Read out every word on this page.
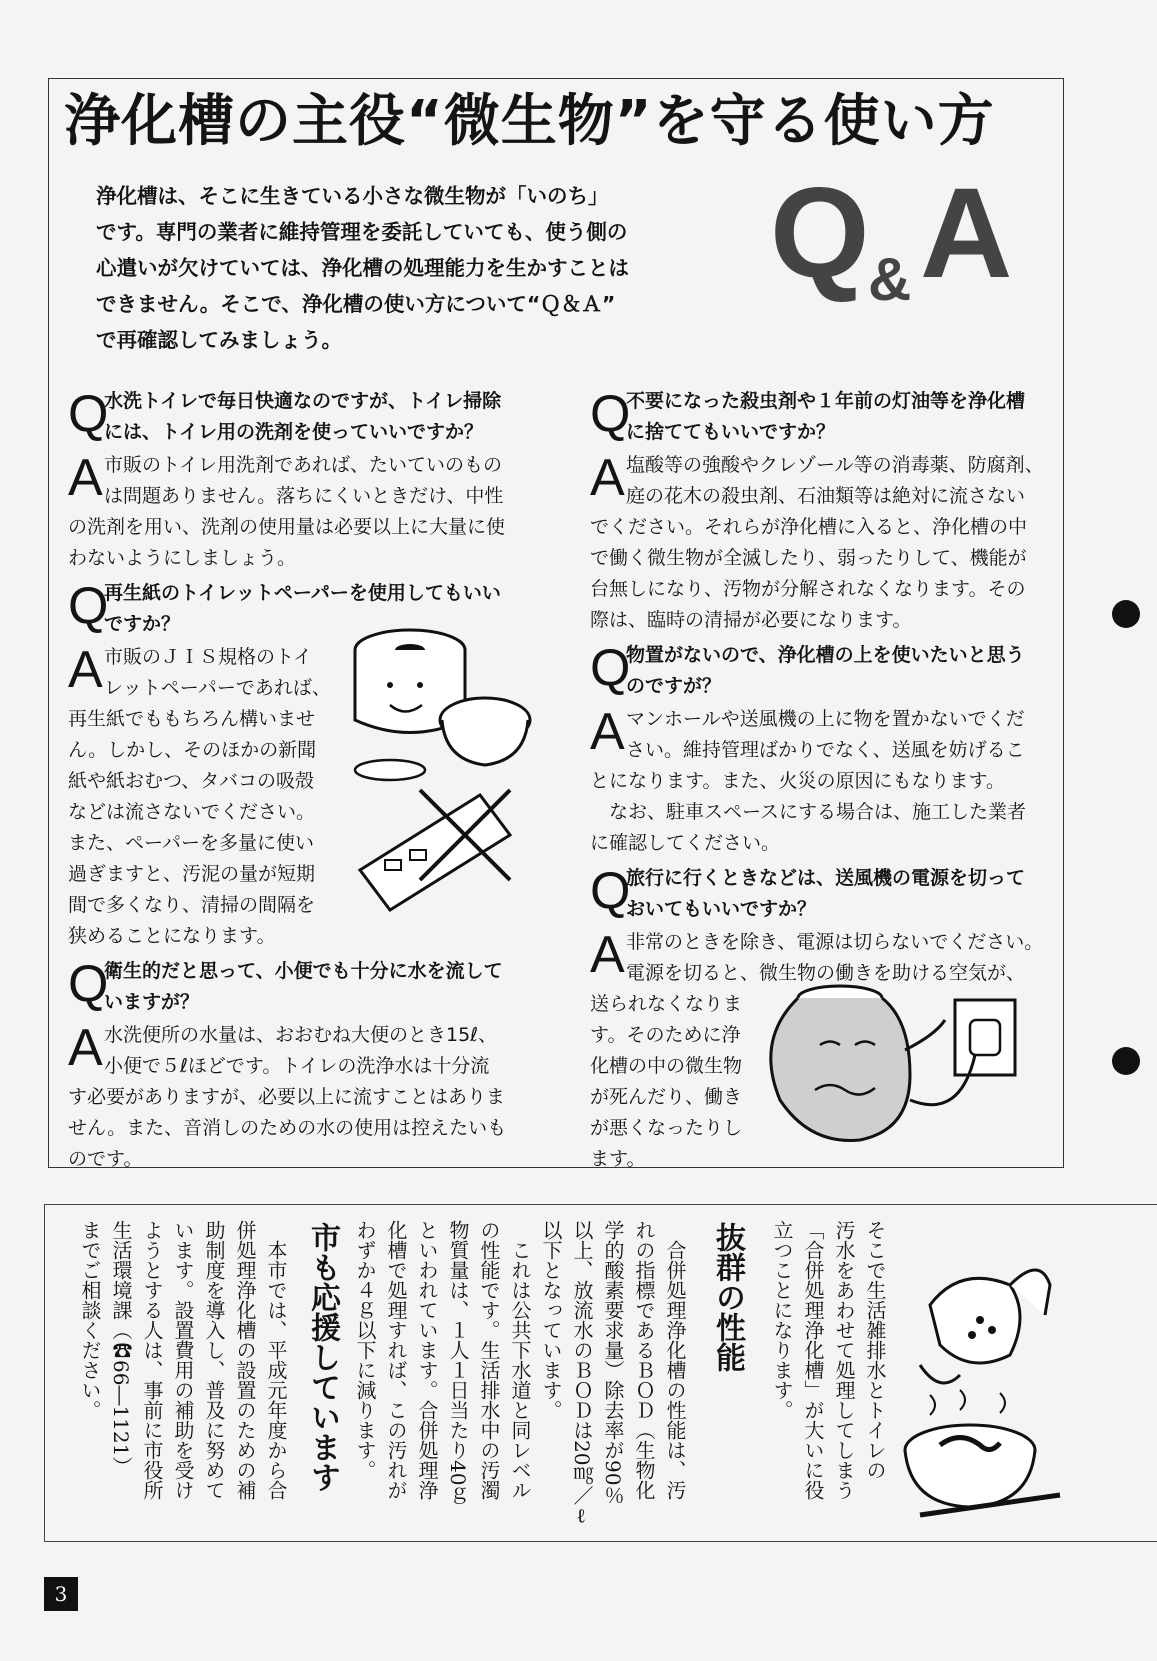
浄化槽の主役“微生物”を守る使い方

浄化槽は、そこに生きている小さな微生物が「いのち」

です。専門の業者に維持管理を委託していても、使う側の

心遣いが欠けていては、浄化槽の処理能力を生かすことは

できません。そこで、浄化槽の使い方について“Ｑ＆Ａ”

で再確認してみましょう。

Q
& A
Q
水洗トイレで毎日快適なのですが、トイレ掃除
には、トイレ用の洗剤を使っていいですか？
A 市販のトイレ用洗剤であれば、たいていのもの
は問題ありません。落ちにくいときだけ、中性
の洗剤を用い、洗剤の使用量は必要以上に大量に使
わないようにしましょう。
Q
再生紙のトイレットペーパーを使用してもいい
ですか？
A 市販のＪＩＳ規格のトイ
レットペーパーであれば、
再生紙でももちろん構いませ
ん。しかし、そのほかの新聞
紙や紙おむつ、タバコの吸殻
などは流さないでください。
また、ペーパーを多量に使い
過ぎますと、汚泥の量が短期
間で多くなり、清掃の間隔を
狭めることになります。
Q
衛生的だと思って、小便でも十分に水を流して
いますが？
A 水洗便所の水量は、おおむね大便のとき15ℓ、
小便で５ℓほどです。トイレの洗浄水は十分流
す必要がありますが、必要以上に流すことはありま
せん。また、音消しのための水の使用は控えたいも
のです。
Q
不要になった殺虫剤や１年前の灯油等を浄化槽
に捨ててもいいですか？
A 塩酸等の強酸やクレゾール等の消毒薬、防腐剤、
庭の花木の殺虫剤、石油類等は絶対に流さない
でください。それらが浄化槽に入ると、浄化槽の中
で働く微生物が全滅したり、弱ったりして、機能が
台無しになり、汚物が分解されなくなります。その
際は、臨時の清掃が必要になります。
Q
物置がないので、浄化槽の上を使いたいと思う
のですが？
A マンホールや送風機の上に物を置かないでくだ
さい。維持管理ばかりでなく、送風を妨げるこ
とになります。また、火災の原因にもなります。
なお、駐車スペースにする場合は、施工した業者
に確認してください。
Q
旅行に行くときなどは、送風機の電源を切って
おいてもいいですか？
A 非常のときを除き、電源は切らないでください。
電源を切ると、微生物の働きを助ける空気が、
送られなくなりま
す。そのために浄
化槽の中の微生物
が死んだり、働き
が悪くなったりし
ます。
そこで生活雑排水とトイレの
汚水をあわせて処理してしまう
「合併処理浄化槽」が大いに役
立つことになります。
抜群の性能
合併処理浄化槽の性能は、汚
れの指標であるＢＯＤ（生物化
学的酸素要求量）除去率が90％
以上、放流水のＢＯＤは20㎎／ℓ
以下となっています。
これは公共下水道と同レベル
の性能です。生活排水中の汚濁
物質量は、１人１日当たり40ｇ
といわれています。合併処理浄
化槽で処理すれば、この汚れが
わずか４ｇ以下に減ります。
市も応援しています
本市では、平成元年度から合
併処理浄化槽の設置のための補
助制度を導入し、普及に努めて
います。設置費用の補助を受け
ようとする人は、事前に市役所
生活環境課（☎66―1121）
までご相談ください。
3
